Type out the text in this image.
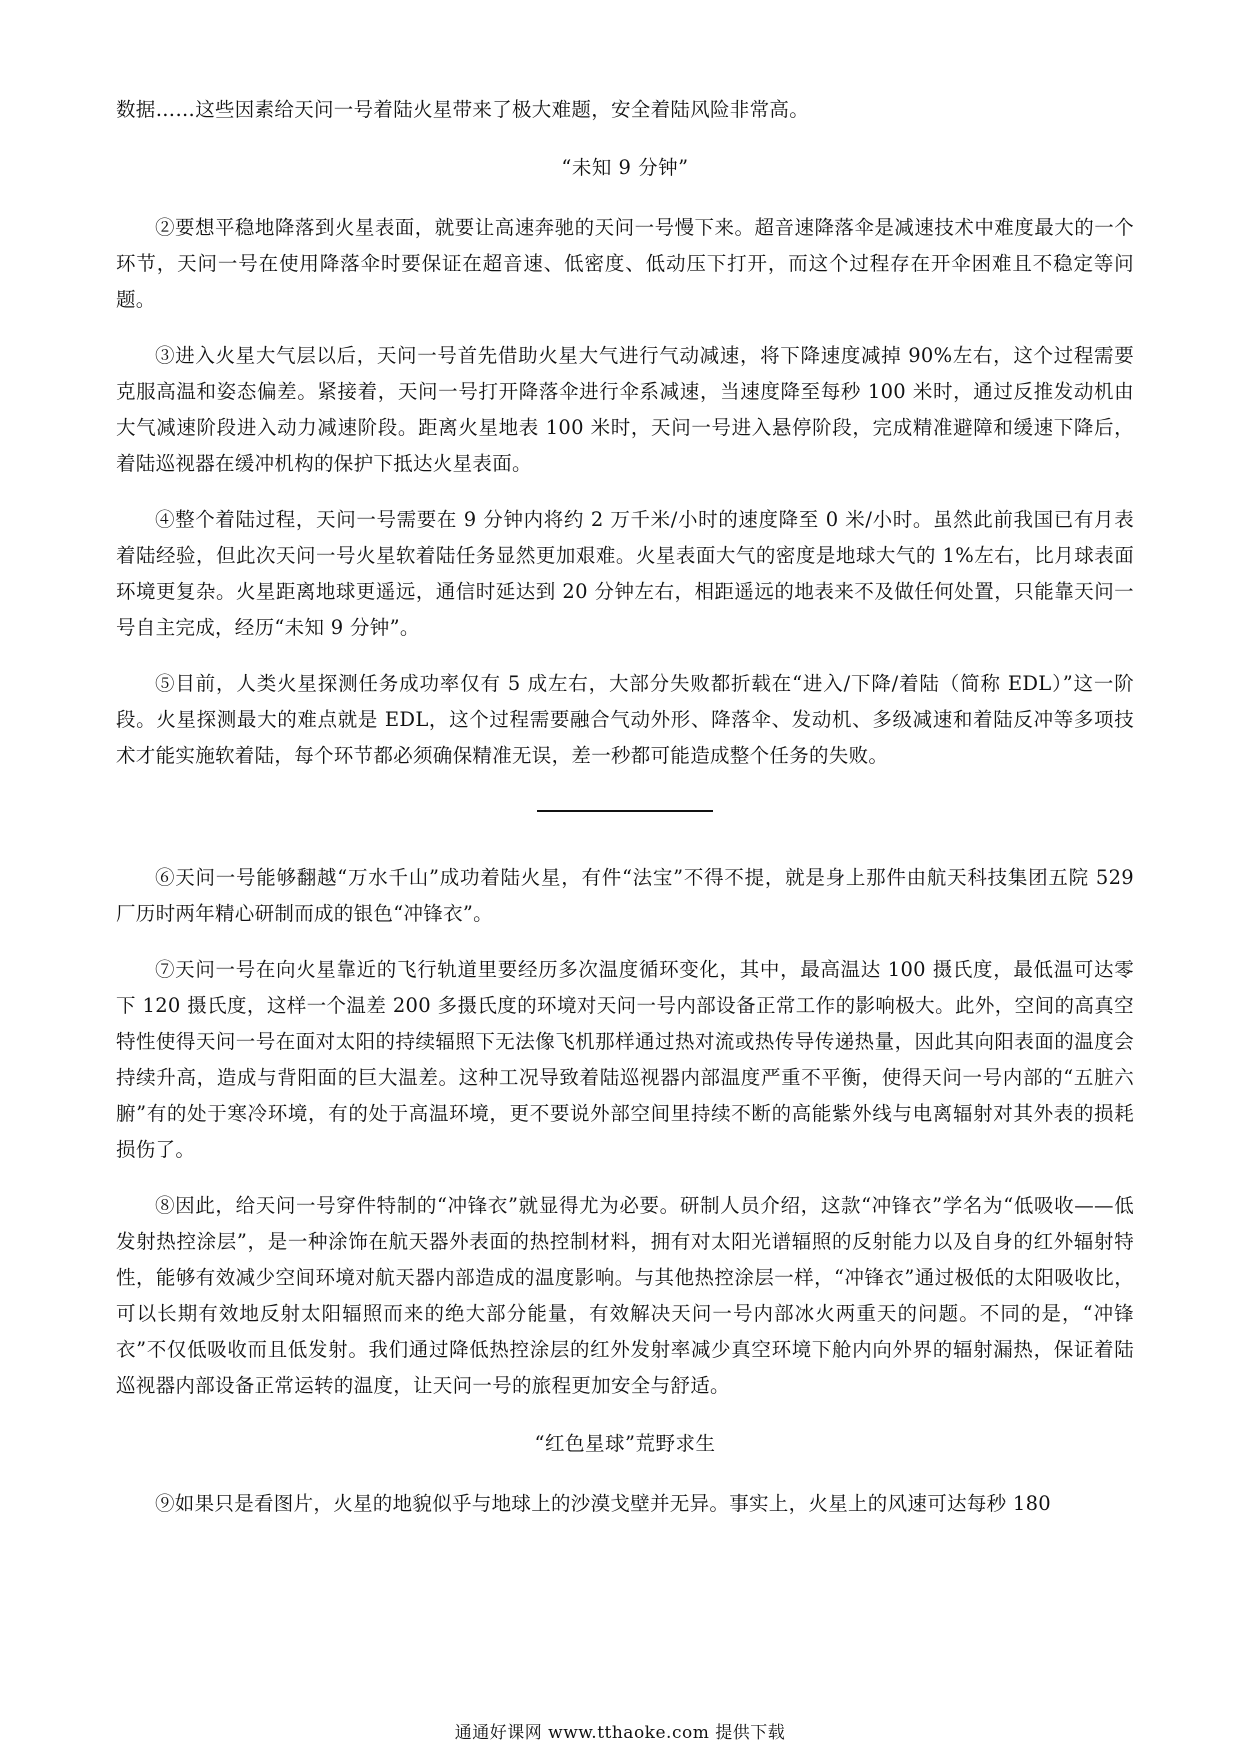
数据……这些因素给天问一号着陆火星带来了极大难题，安全着陆风险非常高。

“未知 9 分钟”

②要想平稳地降落到火星表面，就要让高速奔驰的天问一号慢下来。超音速降落伞是减速技术中难度最大的一个环节，天问一号在使用降落伞时要保证在超音速、低密度、低动压下打开，而这个过程存在开伞困难且不稳定等问题。

③进入火星大气层以后，天问一号首先借助火星大气进行气动减速，将下降速度减掉 90%左右，这个过程需要克服高温和姿态偏差。紧接着，天问一号打开降落伞进行伞系减速，当速度降至每秒 100 米时，通过反推发动机由大气减速阶段进入动力减速阶段。距离火星地表 100 米时，天问一号进入悬停阶段，完成精准避障和缓速下降后，着陆巡视器在缓冲机构的保护下抵达火星表面。

④整个着陆过程，天问一号需要在 9 分钟内将约 2 万千米/小时的速度降至 0 米/小时。虽然此前我国已有月表着陆经验，但此次天问一号火星软着陆任务显然更加艰难。火星表面大气的密度是地球大气的 1%左右，比月球表面环境更复杂。火星距离地球更遥远，通信时延达到 20 分钟左右，相距遥远的地表来不及做任何处置，只能靠天问一号自主完成，经历“未知 9 分钟”。

⑤目前，人类火星探测任务成功率仅有 5 成左右，大部分失败都折载在“进入/下降/着陆（简称 EDL）”这一阶段。火星探测最大的难点就是 EDL，这个过程需要融合气动外形、降落伞、发动机、多级减速和着陆反冲等多项技术才能实施软着陆，每个环节都必须确保精准无误，差一秒都可能造成整个任务的失败。

⑥天问一号能够翻越“万水千山”成功着陆火星，有件“法宝”不得不提，就是身上那件由航天科技集团五院 529 厂历时两年精心研制而成的银色“冲锋衣”。

⑦天问一号在向火星靠近的飞行轨道里要经历多次温度循环变化，其中，最高温达 100 摄氏度，最低温可达零下 120 摄氏度，这样一个温差 200 多摄氏度的环境对天问一号内部设备正常工作的影响极大。此外，空间的高真空特性使得天问一号在面对太阳的持续辐照下无法像飞机那样通过热对流或热传导传递热量，因此其向阳表面的温度会持续升高，造成与背阳面的巨大温差。这种工况导致着陆巡视器内部温度严重不平衡，使得天问一号内部的“五脏六腑”有的处于寒冷环境，有的处于高温环境，更不要说外部空间里持续不断的高能紫外线与电离辐射对其外表的损耗损伤了。

⑧因此，给天问一号穿件特制的“冲锋衣”就显得尤为必要。研制人员介绍，这款“冲锋衣”学名为“低吸收——低发射热控涂层”，是一种涂饰在航天器外表面的热控制材料，拥有对太阳光谱辐照的反射能力以及自身的红外辐射特性，能够有效减少空间环境对航天器内部造成的温度影响。与其他热控涂层一样，“冲锋衣”通过极低的太阳吸收比，可以长期有效地反射太阳辐照而来的绝大部分能量，有效解决天问一号内部冰火两重天的问题。不同的是，“冲锋衣”不仅低吸收而且低发射。我们通过降低热控涂层的红外发射率减少真空环境下舱内向外界的辐射漏热，保证着陆巡视器内部设备正常运转的温度，让天问一号的旅程更加安全与舒适。

“红色星球”荒野求生

⑨如果只是看图片，火星的地貌似乎与地球上的沙漠戈壁并无异。事实上，火星上的风速可达每秒 180

通通好课网 www.tthaoke.com 提供下载
